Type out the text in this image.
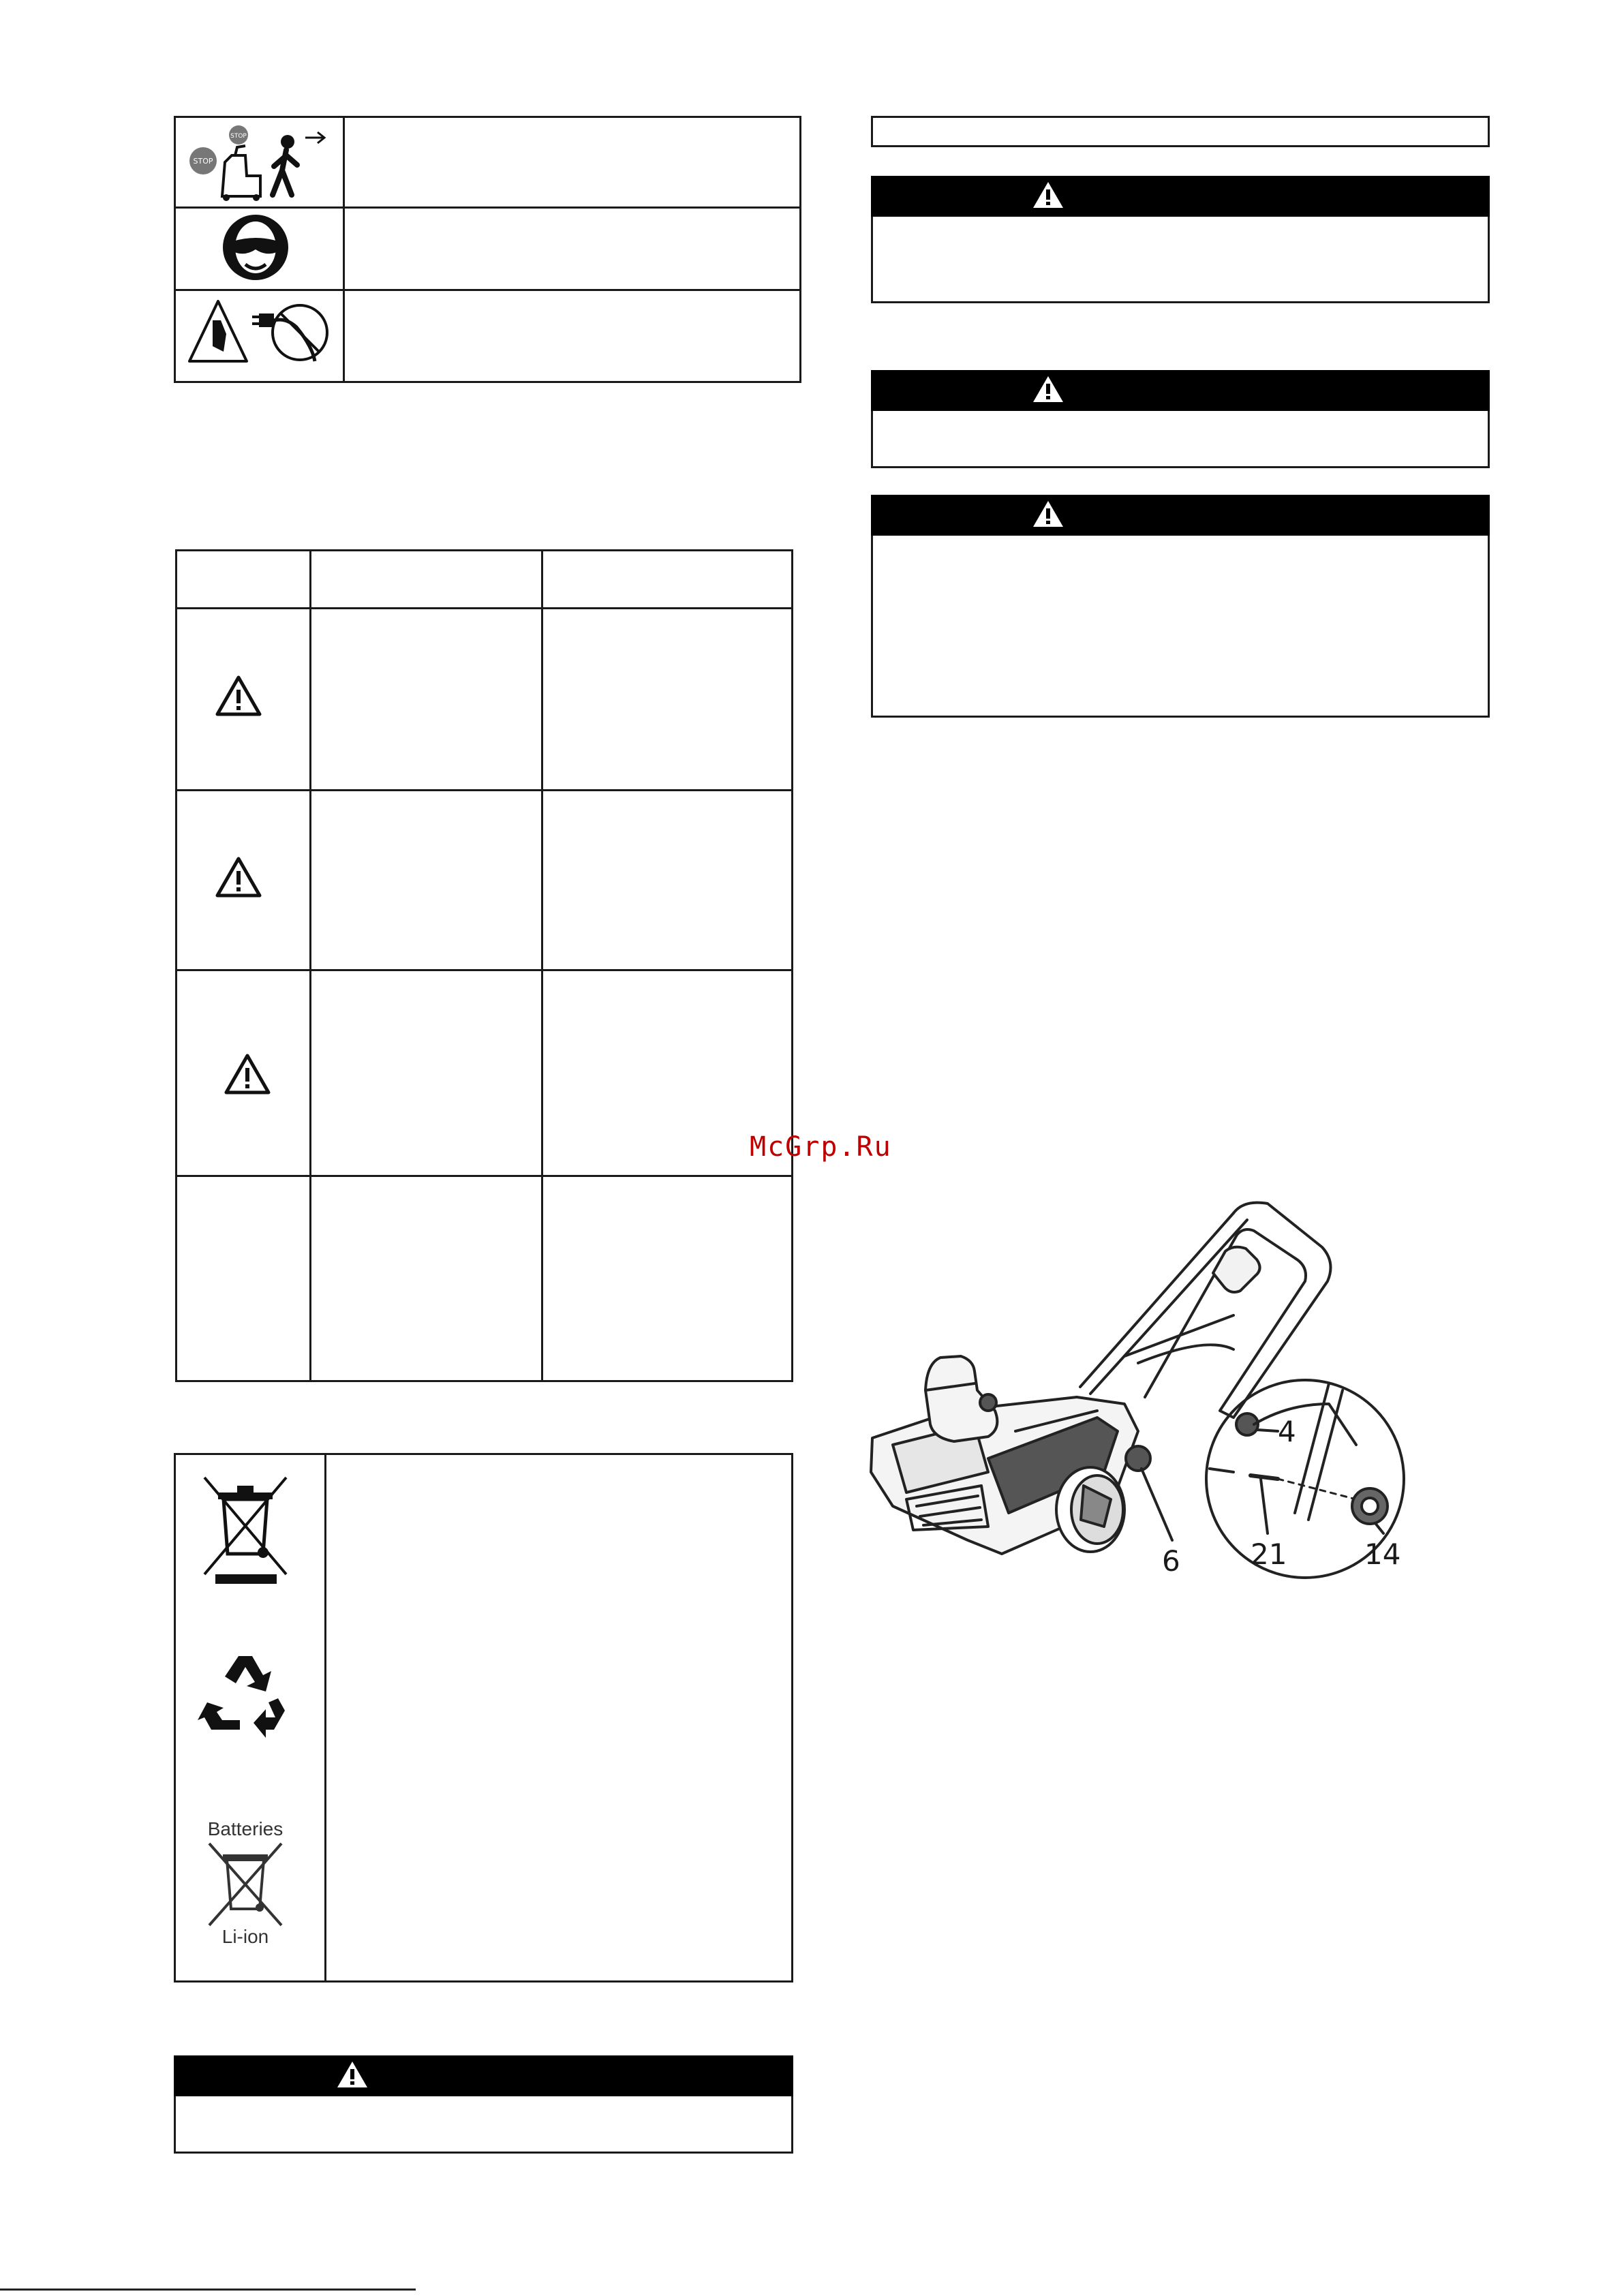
STOP
STOP
Batteries
Li-ion
McGrp.Ru
4
6 21	14
